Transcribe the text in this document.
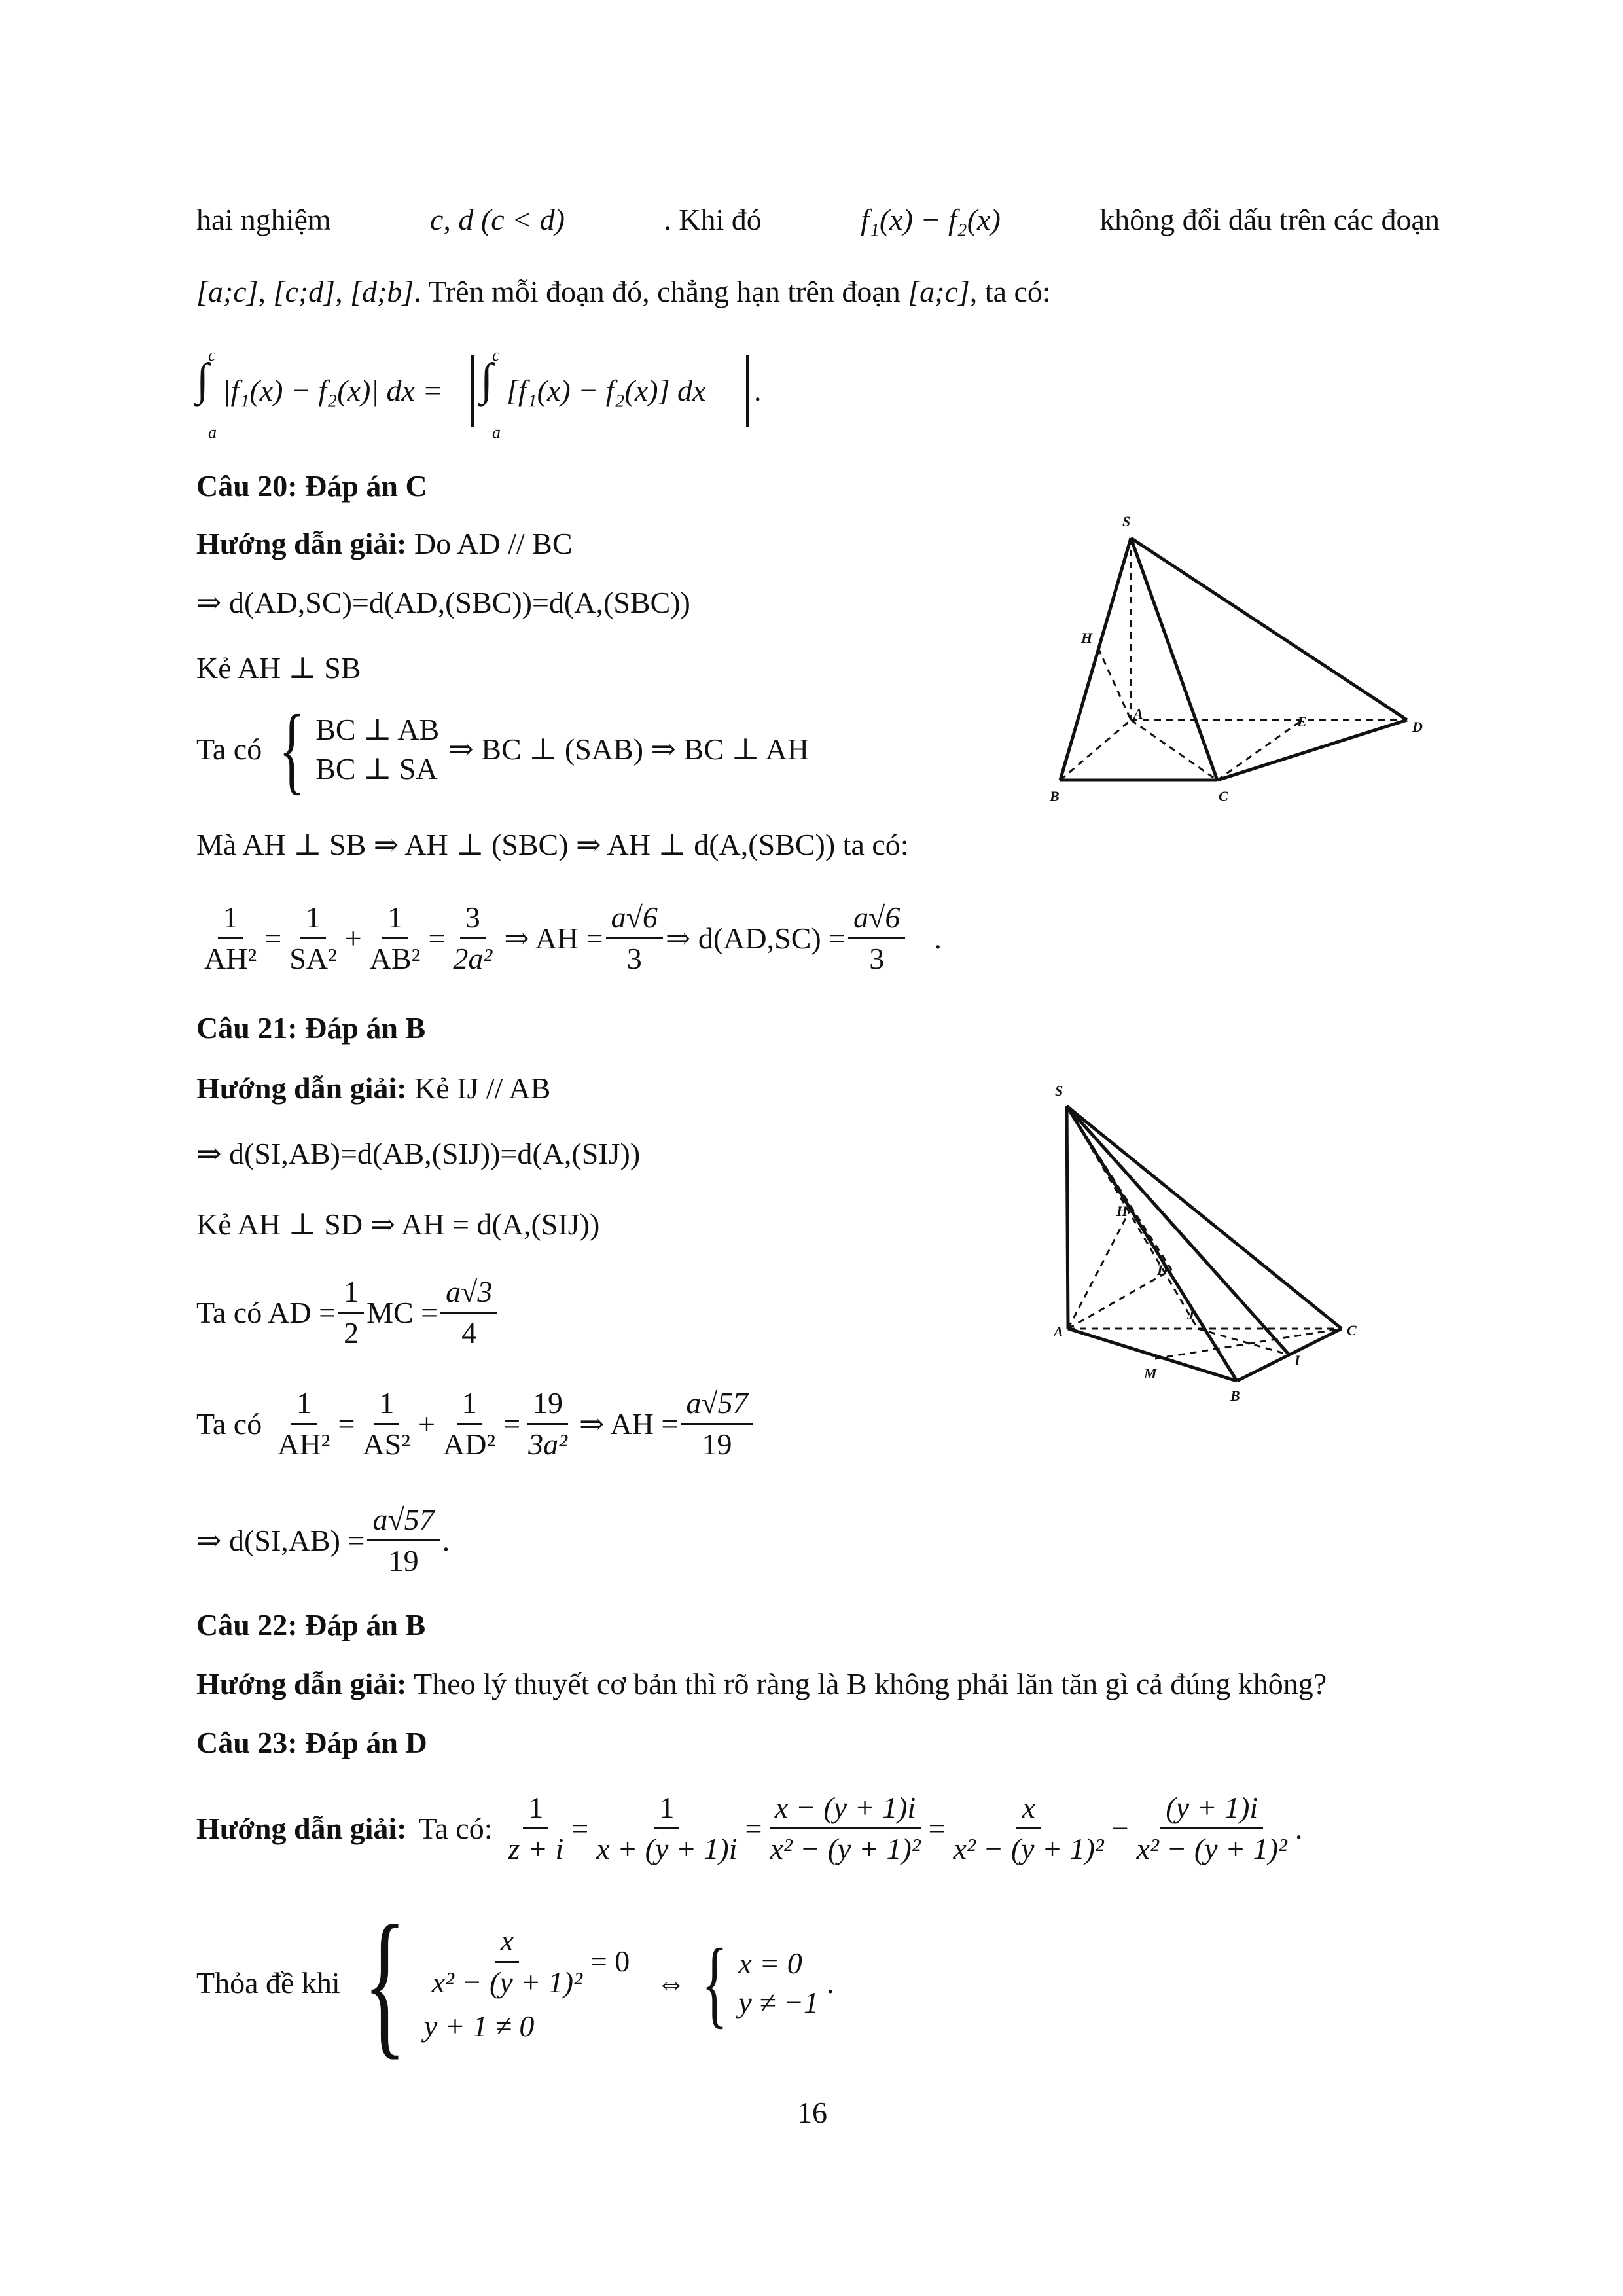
hai nghiệm	c, d (c < d)	. Khi đó	f₁(x) − f₂(x)	không đổi dấu trên các đoạn
[a;c], [c;d], [d;b]. Trên mỗi đoạn đó, chẳng hạn trên đoạn [a;c], ta có:
c
∫
a
|f₁(x) − f₂(x)| dx =
c
∫
a
[f₁(x) − f₂(x)] dx .
Câu 20: Đáp án C
Hướng dẫn giải: Do AD // BC
⇒ d(AD,SC)=d(AD,(SBC))=d(A,(SBC))
Kẻ AH ⊥ SB
Ta có { BC ⊥ AB
BC ⊥ SA
⇒ BC ⊥ (SAB) ⇒ BC ⊥ AH
Mà AH ⊥ SB ⇒ AH ⊥ (SBC) ⇒ AH ⊥ d(A,(SBC)) ta có:
$\frac{1}{\text{AH²}} = \frac{1}{\text{SA²}} + \frac{1}{\text{AB²}} = \frac{3}{\text{2a²}}$ ⇒ AH = $\frac{a√6}{3}$ ⇒ $d(AD,SC) = \frac{a√6}{3}$ .
S
H
A
B	C
D
E
Câu 21: Đáp án B
Hướng dẫn giải: Kẻ IJ // AB
⇒ d(SI,AB)=d(AB,(SIJ))=d(A,(SIJ))
Kẻ AH ⊥ SD ⇒ AH = d(A,(SIJ))
Ta có AD = $\frac{1}{2}$ MC = $\frac{a√3}{4}$
Ta có $\frac{1}{\text{AH²}} = \frac{1}{\text{AS²}} + \frac{1}{\text{AD²}} = \frac{19}{\text{3a²}}$ ⇒ AH = $\frac{a√57}{19}$
⇒ $d(SI,AB) = \frac{a√57}{19}$ .
S
H
D
J
A	C
M
I
B
Câu 22: Đáp án B
Hướng dẫn giải: Theo lý thuyết cơ bản thì rõ ràng là B không phải lăn tăn gì cả đúng không?
Câu 23: Đáp án D
Hướng dẫn giải: Ta có: $\frac{1}{z + i} = \frac{1}{x + (y + 1)i} = \frac{x - (y + 1)i}{\text{x² − (y + 1)²}} = \frac{x}{\text{x² − (y + 1)²}} - \frac{(y + 1)i}{\text{x² − (y + 1)²}}$ .
Thỏa đề khi { $\frac{x}{\text{x² − (y + 1)²}} = 0$
y + 1 ≠ 0
⇔ { x = 0
y ≠ −1
.
16
